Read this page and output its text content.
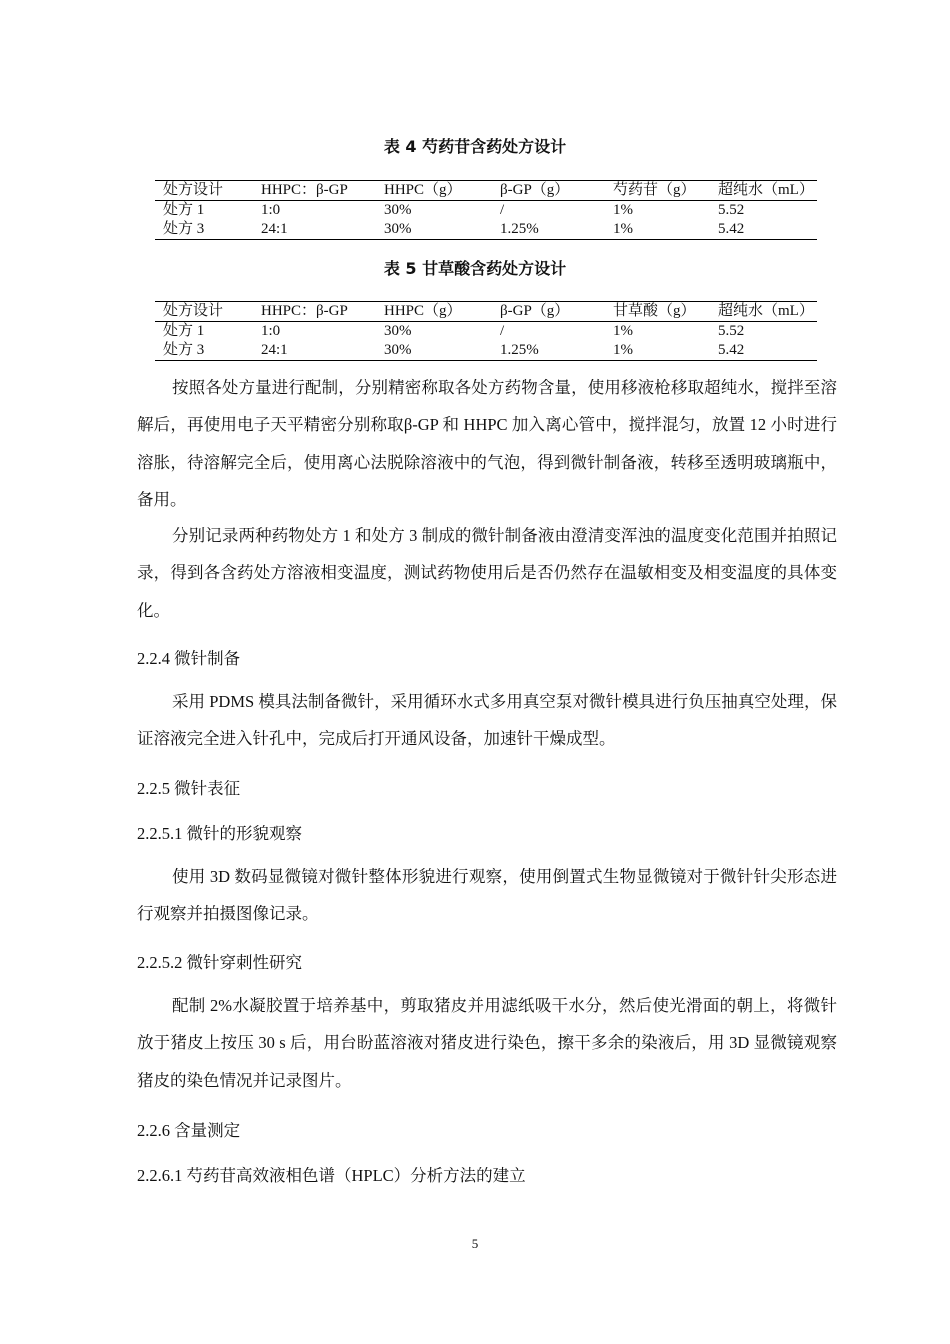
表 4 芍药苷含药处方设计
处方设计	HHPC：β-GP	HHPC（g）	β-GP（g）	芍药苷（g）	超纯水（mL）
处方 1	1:0	30%	/	1%	5.52
处方 3	24:1	30%	1.25%	1%	5.42
表 5 甘草酸含药处方设计
处方设计	HHPC：β-GP	HHPC（g）	β-GP（g）	甘草酸（g）	超纯水（mL）
处方 1	1:0	30%	/	1%	5.52
处方 3	24:1	30%	1.25%	1%	5.42

按照各处方量进行配制，分别精密称取各处方药物含量，使用移液枪移取超纯水，搅拌至溶解后，再使用电子天平精密分别称取β-GP 和 HHPC 加入离心管中，搅拌混匀，放置 12 小时进行溶胀，待溶解完全后，使用离心法脱除溶液中的气泡，得到微针制备液，转移至透明玻璃瓶中，备用。

分别记录两种药物处方 1 和处方 3 制成的微针制备液由澄清变浑浊的温度变化范围并拍照记录，得到各含药处方溶液相变温度，测试药物使用后是否仍然存在温敏相变及相变温度的具体变化。

2.2.4 微针制备

采用 PDMS 模具法制备微针，采用循环水式多用真空泵对微针模具进行负压抽真空处理，保证溶液完全进入针孔中，完成后打开通风设备，加速针干燥成型。

2.2.5 微针表征

2.2.5.1 微针的形貌观察

使用 3D 数码显微镜对微针整体形貌进行观察，使用倒置式生物显微镜对于微针针尖形态进行观察并拍摄图像记录。

2.2.5.2 微针穿刺性研究

配制 2%水凝胶置于培养基中，剪取猪皮并用滤纸吸干水分，然后使光滑面的朝上，将微针放于猪皮上按压 30 s 后，用台盼蓝溶液对猪皮进行染色，擦干多余的染液后，用 3D 显微镜观察猪皮的染色情况并记录图片。

2.2.6 含量测定

2.2.6.1 芍药苷高效液相色谱（HPLC）分析方法的建立

5
